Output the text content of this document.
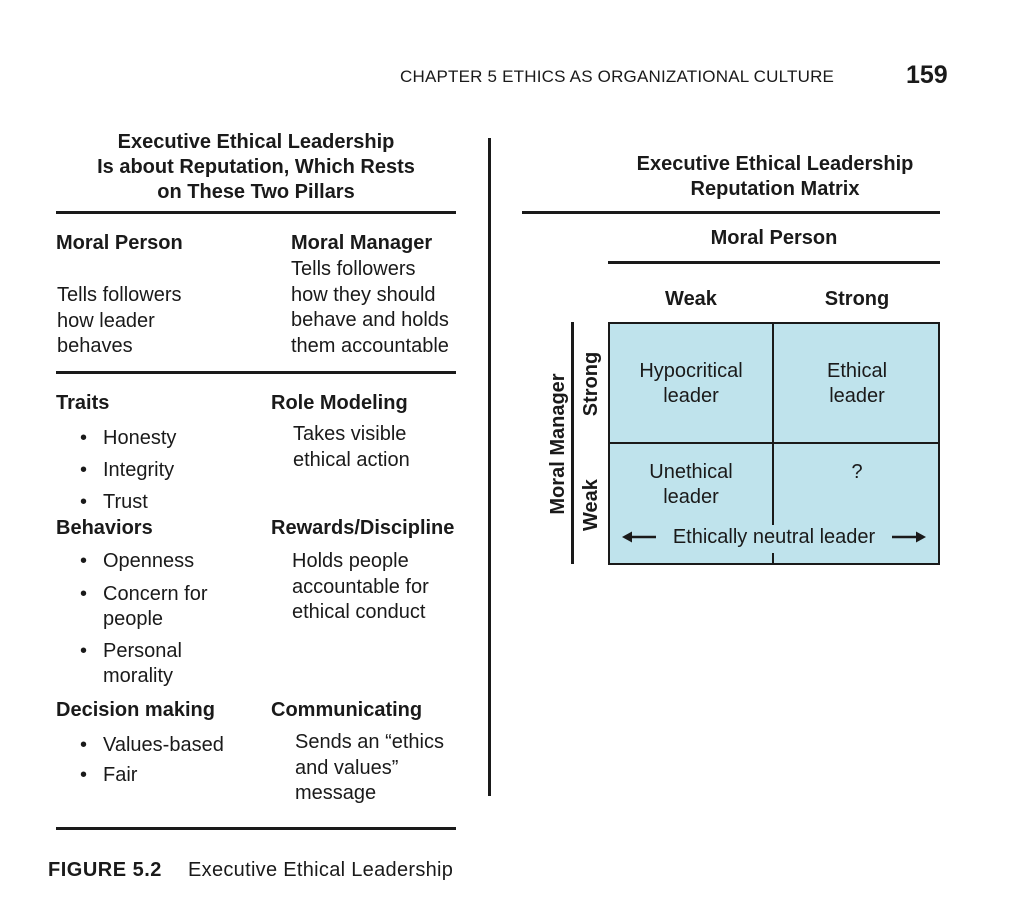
CHAPTER 5 ETHICS AS ORGANIZATIONAL CULTURE	159
Executive Ethical Leadership
Is about Reputation, Which Rests
on These Two Pillars
Moral Person
Tells followers
how leader
behaves
Moral Manager
Tells followers
how they should
behave and holds
them accountable
Traits
• Honesty
• Integrity
• Trust
Role Modeling
Takes visible
ethical action
Behaviors
• Openness
• Concern for
people
• Personal
morality
Rewards/Discipline
Holds people
accountable for
ethical conduct
Decision making
• Values-based
• Fair
Communicating
Sends an “ethics
and values”
message
Executive Ethical Leadership
Reputation Matrix
Moral Person
Weak	Strong
Moral Manager Strong
Weak
Hypocritical
leader
Ethical
leader
Unethical
leader
?
Ethically neutral leader
FIGURE 5.2 Executive Ethical Leadership
